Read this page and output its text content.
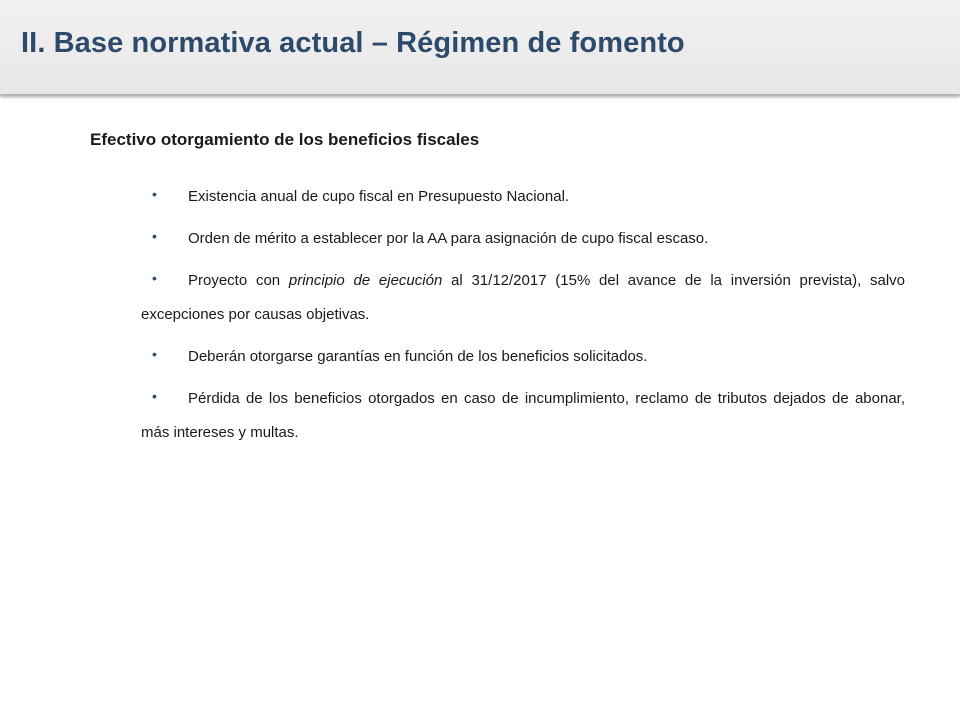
II. Base normativa actual – Régimen de fomento
Efectivo otorgamiento de los beneficios fiscales
• Existencia anual de cupo fiscal en Presupuesto Nacional.
• Orden de mérito a establecer por la AA para asignación de cupo fiscal escaso.
• Proyecto con principio de ejecución al 31/12/2017 (15% del avance de la inversión prevista), salvo excepciones por causas objetivas.
• Deberán otorgarse garantías en función de los beneficios solicitados.
• Pérdida de los beneficios otorgados en caso de incumplimiento, reclamo de tributos dejados de abonar, más intereses y multas.
